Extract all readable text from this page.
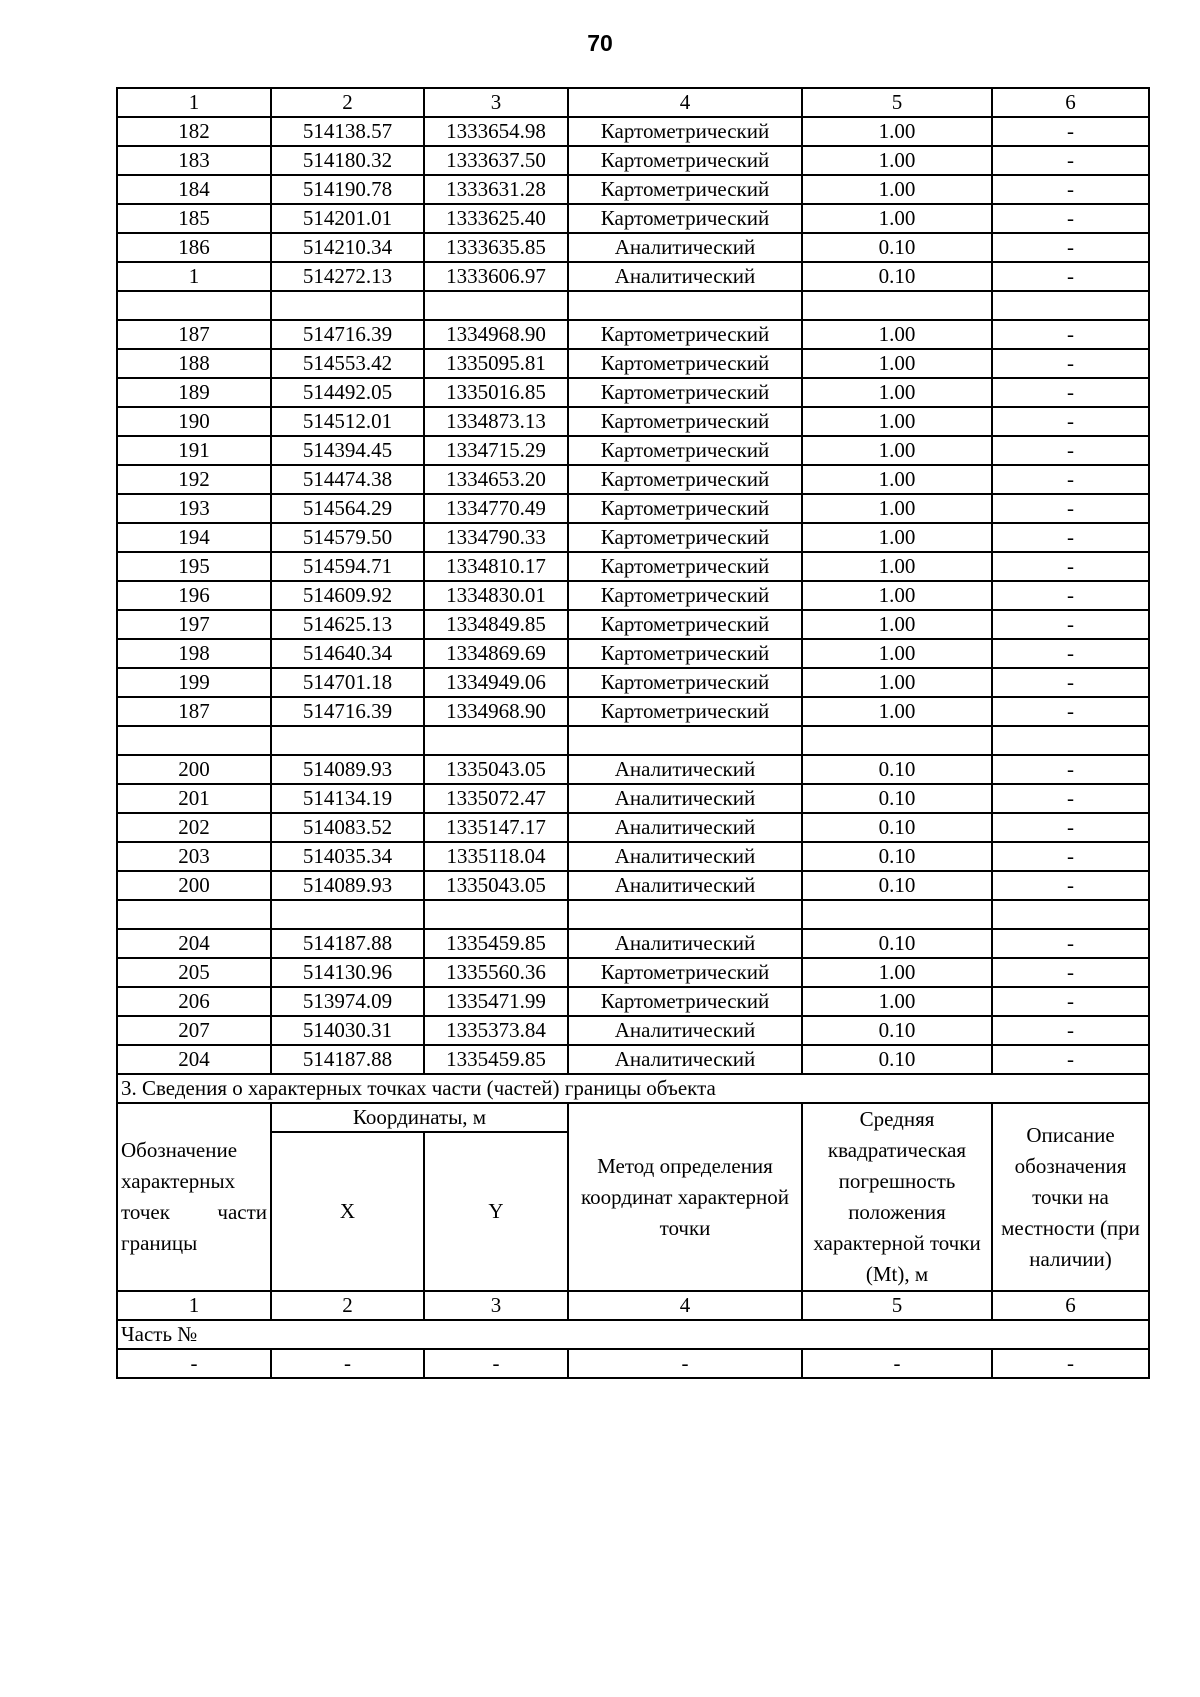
70
1	2	3	4	5	6
182	514138.57	1333654.98	Картометрический	1.00	-
183	514180.32	1333637.50	Картометрический	1.00	-
184	514190.78	1333631.28	Картометрический	1.00	-
185	514201.01	1333625.40	Картометрический	1.00	-
186	514210.34	1333635.85	Аналитический	0.10	-
1	514272.13	1333606.97	Аналитический	0.10	-

187	514716.39	1334968.90	Картометрический	1.00	-
188	514553.42	1335095.81	Картометрический	1.00	-
189	514492.05	1335016.85	Картометрический	1.00	-
190	514512.01	1334873.13	Картометрический	1.00	-
191	514394.45	1334715.29	Картометрический	1.00	-
192	514474.38	1334653.20	Картометрический	1.00	-
193	514564.29	1334770.49	Картометрический	1.00	-
194	514579.50	1334790.33	Картометрический	1.00	-
195	514594.71	1334810.17	Картометрический	1.00	-
196	514609.92	1334830.01	Картометрический	1.00	-
197	514625.13	1334849.85	Картометрический	1.00	-
198	514640.34	1334869.69	Картометрический	1.00	-
199	514701.18	1334949.06	Картометрический	1.00	-
187	514716.39	1334968.90	Картометрический	1.00	-

200	514089.93	1335043.05	Аналитический	0.10	-
201	514134.19	1335072.47	Аналитический	0.10	-
202	514083.52	1335147.17	Аналитический	0.10	-
203	514035.34	1335118.04	Аналитический	0.10	-
200	514089.93	1335043.05	Аналитический	0.10	-

204	514187.88	1335459.85	Аналитический	0.10	-
205	514130.96	1335560.36	Картометрический	1.00	-
206	513974.09	1335471.99	Картометрический	1.00	-
207	514030.31	1335373.84	Аналитический	0.10	-
204	514187.88	1335459.85	Аналитический	0.10	-
3. Сведения о характерных точках части (частей) границы объекта					
Обозначение характерных точек части границы	Координаты, м		Метод определения координат характерной точки	Средняя квадратическая погрешность положения характерной точки (Mt), м	Описание обозначения точки на местности (при наличии)
	X	Y			
1	2	3	4	5	6
Часть №					
-	-	-	-	-	-
